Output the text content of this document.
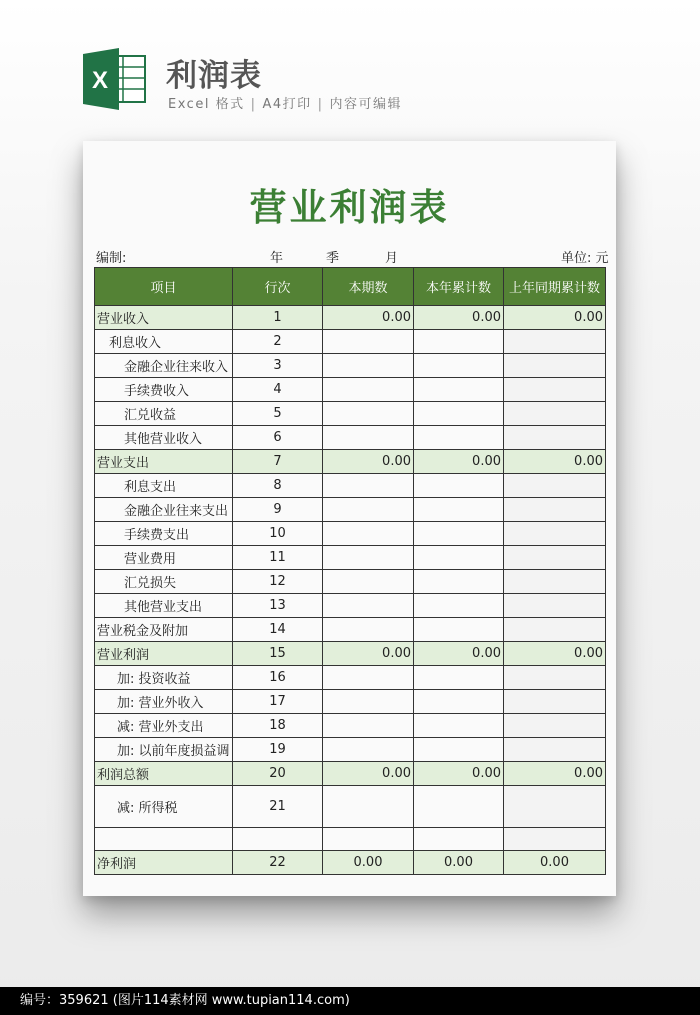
X 利润表
Excel 格式 | A4打印 | 内容可编辑
营业利润表
编制:	年	季	月	单位: 元
项目	行次	本期数	本年累计数	上年同期累计数
营业收入	1	0.00	0.00	0.00
利息收入	2			
金融企业往来收入	3			
手续费收入	4			
汇兑收益	5			
其他营业收入	6			
营业支出	7	0.00	0.00	0.00
利息支出	8			
金融企业往来支出	9			
手续费支出	10			
营业费用	11			
汇兑损失	12			
其他营业支出	13			
营业税金及附加	14			
营业利润	15	0.00	0.00	0.00
加: 投资收益	16			
加: 营业外收入	17			
减: 营业外支出	18			
加: 以前年度损益调	19			
利润总额	20	0.00	0.00	0.00
减: 所得税	21			

净利润	22	0.00	0.00	0.00
编号：359621 (图片114素材网 www.tupian114.com)
